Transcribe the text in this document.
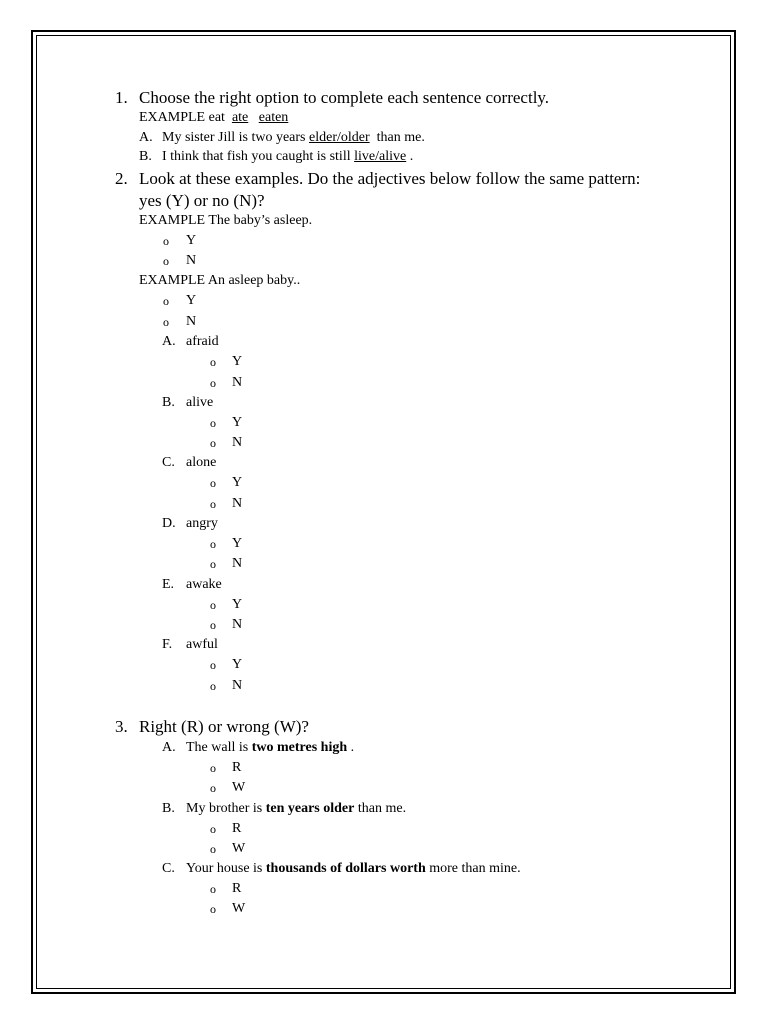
1. Choose the right option to complete each sentence correctly.
EXAMPLE eat ate eaten
A. My sister Jill is two years elder/older than me.
B. I think that fish you caught is still live/alive .
2. Look at these examples. Do the adjectives below follow the same pattern:
yes (Y) or no (N)?
EXAMPLE The baby’s asleep.
o Y
o N
EXAMPLE An asleep baby..
o Y
o N
A. afraid
o Y
o N
B. alive
o Y
o N
C. alone
o Y
o N
D. angry
o Y
o N
E. awake
o Y
o N
F. awful
o Y
o N
3. Right (R) or wrong (W)?
A. The wall is two metres high .
o R
o W
B. My brother is ten years older than me.
o R
o W
C. Your house is thousands of dollars worth more than mine.
o R
o W
